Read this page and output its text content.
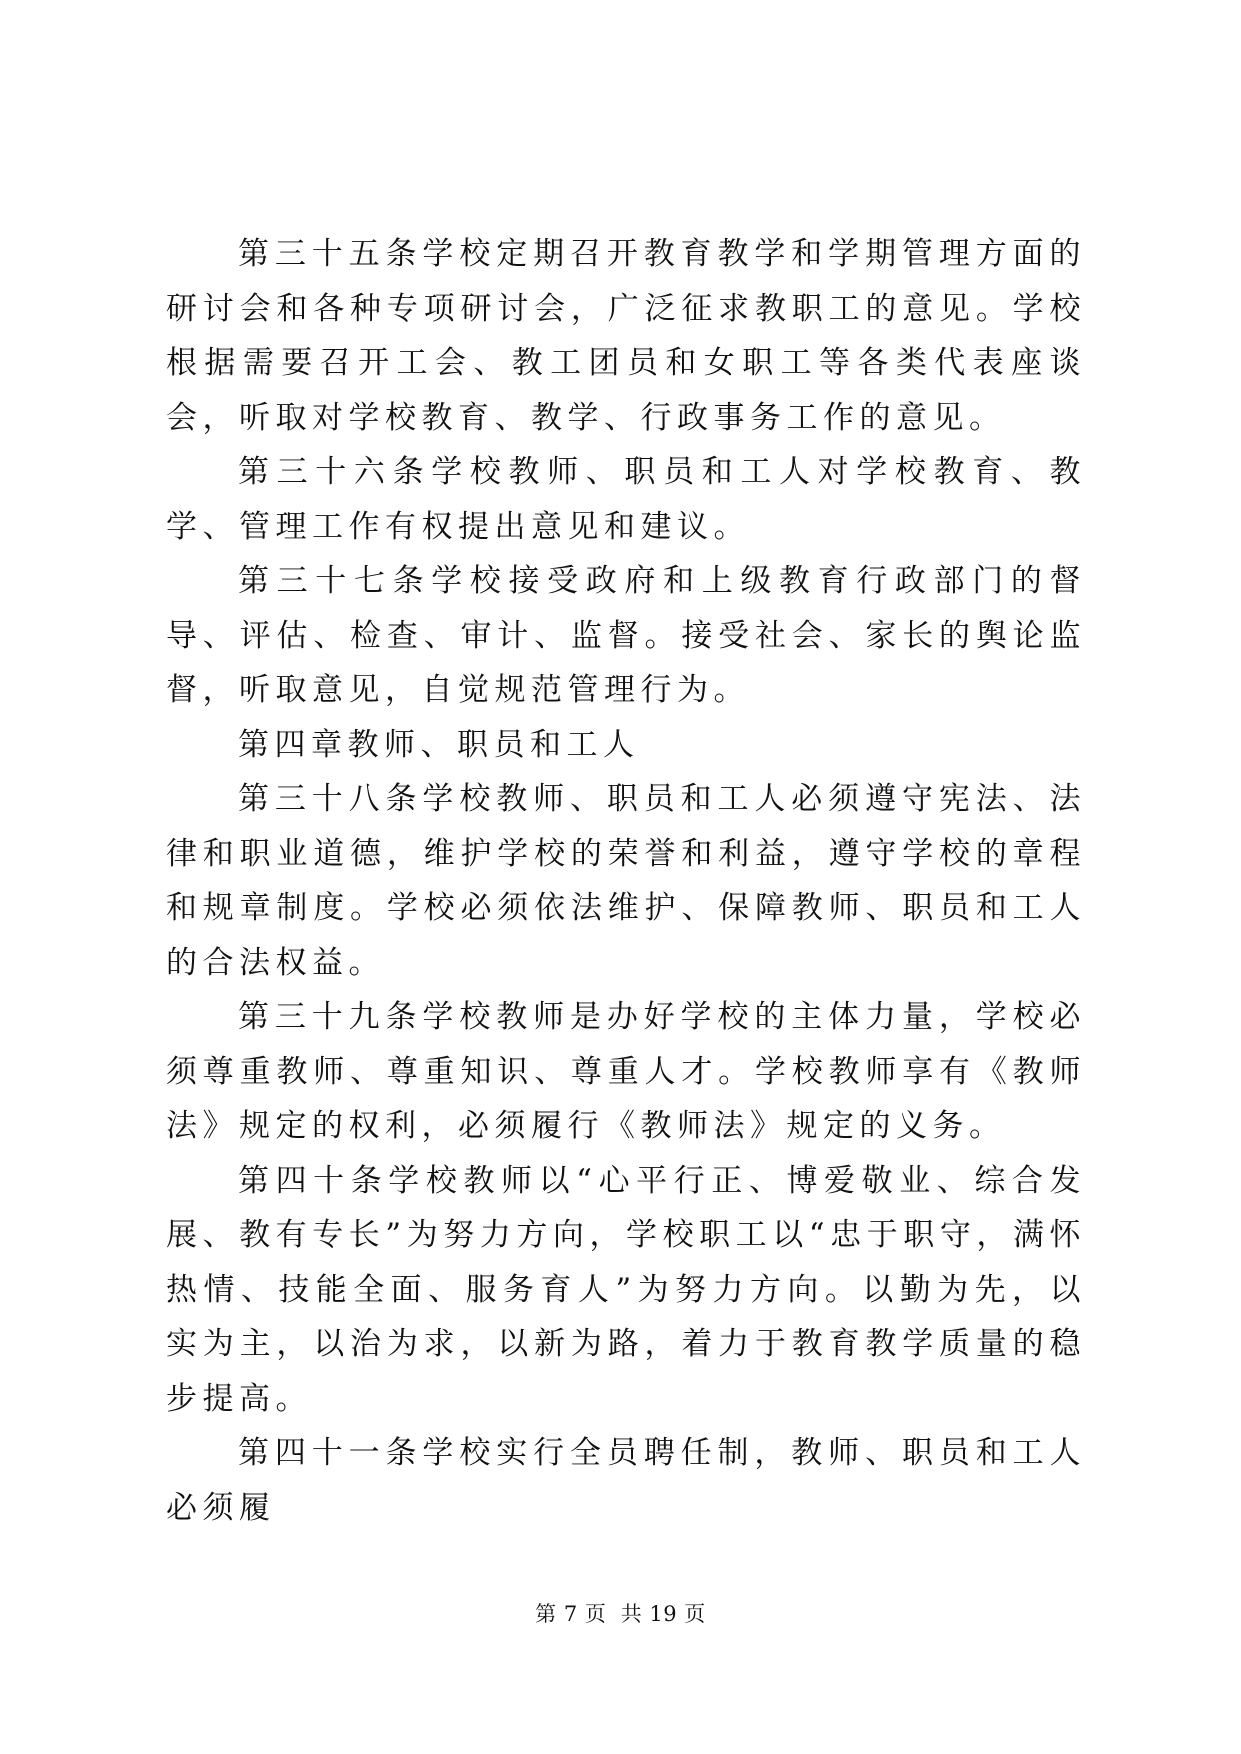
第三十五条学校定期召开教育教学和学期管理方面的研讨会和各种专项研讨会，广泛征求教职工的意见。学校根据需要召开工会、教工团员和女职工等各类代表座谈会，听取对学校教育、教学、行政事务工作的意见。

第三十六条学校教师、职员和工人对学校教育、教学、管理工作有权提出意见和建议。

第三十七条学校接受政府和上级教育行政部门的督导、评估、检查、审计、监督。接受社会、家长的舆论监督，听取意见，自觉规范管理行为。

第四章教师、职员和工人

第三十八条学校教师、职员和工人必须遵守宪法、法律和职业道德，维护学校的荣誉和利益，遵守学校的章程和规章制度。学校必须依法维护、保障教师、职员和工人的合法权益。

第三十九条学校教师是办好学校的主体力量，学校必须尊重教师、尊重知识、尊重人才。学校教师享有《教师法》规定的权利，必须履行《教师法》规定的义务。

第四十条学校教师以“心平行正、博爱敬业、综合发展、教有专长”为努力方向，学校职工以“忠于职守，满怀热情、技能全面、服务育人”为努力方向。以勤为先，以实为主，以治为求，以新为路，着力于教育教学质量的稳步提高。

第四十一条学校实行全员聘任制，教师、职员和工人必须履

第 7 页  共 19 页
